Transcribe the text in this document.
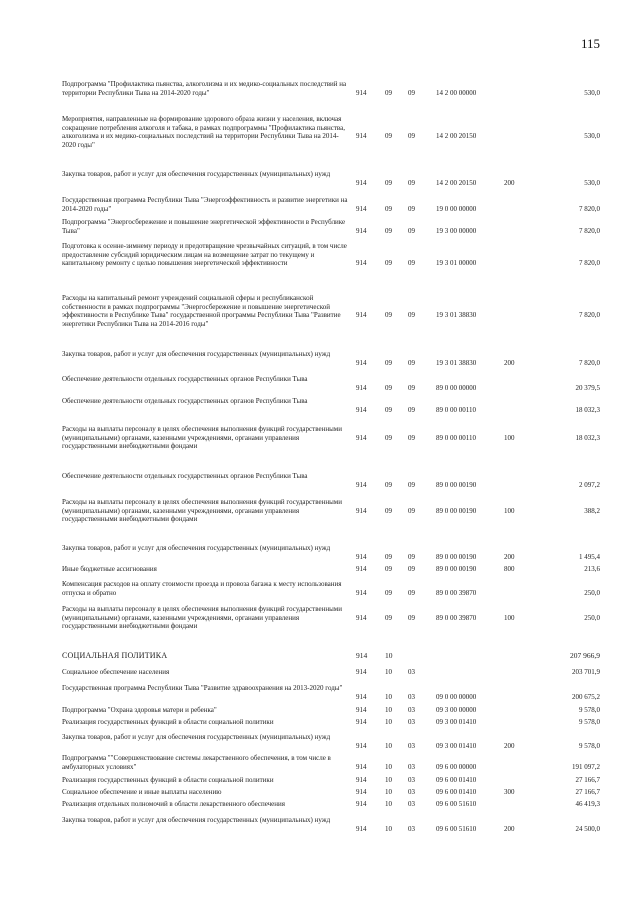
115
Подпрограмма "Профилактика пьянства, алкоголизма и их медико-социальных последствий на территории Республики Тыва на 2014-2020 годы"	914	09 09	14 2 00 00000	530,0
Мероприятия, направленные на формирование здорового образа жизни у населения, включая сокращение потребления алкоголя и табака, в рамках подпрограммы "Профилактика пьянства, алкоголизма и их медико-социальных последствий на территории Республики Тыва на 2014-2020 годы"
914	09 09	14 2 00 20150	530,0
Закупка товаров, работ и услуг для обеспечения государственных (муниципальных) нужд
914	09 09	14 2 00 20150	200	530,0
Государственная программа Республики Тыва "Энергоэффективность и развитие энергетики на 2014-2020 годы"	914	09 09	19 0 00 00000	7 820,0
Подпрограмма "Энергосбережение и повышение энергетической эффективности в Республике Тыва"	914	09 09	19 3 00 00000	7 820,0
Подготовка к осенне-зимнему периоду и предотвращение чрезвычайных ситуаций, в том числе предоставление субсидий юридическим лицам на возмещение затрат по текущему и капитальному ремонту с целью повышения энергетической эффективности	914	09 09	19 3 01 00000	7 820,0
Расходы на капитальный ремонт учреждений социальной сферы и республиканской собственности в рамках подпрограммы "Энергосбережение и повышение энергетической эффективности в Республике Тыва" государственной программы Республики Тыва "Развитие энергетики Республики Тыва на 2014-2016 годы"
914	09 09	19 3 01 38830	7 820,0
Закупка товаров, работ и услуг для обеспечения государственных (муниципальных) нужд
914	09 09	19 3 01 38830	200	7 820,0
Обеспечение деятельности отдельных государственных органов Республики Тыва
914	09 09	89 0 00 00000	20 379,5
Обеспечение деятельности отдельных государственных органов Республики Тыва
914	09 09	89 0 00 00110	18 032,3
Расходы на выплаты персоналу в целях обеспечения выполнения функций государственными (муниципальными) органами, казенными учреждениями, органами управления государственными внебюджетными фондами
914	09 09	89 0 00 00110	100	18 032,3
Обеспечение деятельности отдельных государственных органов Республики Тыва
914	09 09	89 0 00 00190	2 097,2
Расходы на выплаты персоналу в целях обеспечения выполнения функций государственными (муниципальными) органами, казенными учреждениями, органами управления государственными внебюджетными фондами
914	09 09	89 0 00 00190	100	388,2
Закупка товаров, работ и услуг для обеспечения государственных (муниципальных) нужд
914	09 09	89 0 00 00190	200	1 495,4
Иные бюджетные ассигнования	914	09 09	89 0 00 00190	800	213,6
Компенсация расходов на оплату стоимости проезда и провоза багажа к месту использования отпуска и обратно	914	09 09	89 0 00 39870	250,0
Расходы на выплаты персоналу в целях обеспечения выполнения функций государственными (муниципальными) органами, казенными учреждениями, органами управления государственными внебюджетными фондами
914	09 09	89 0 00 39870	100	250,0
СОЦИАЛЬНАЯ ПОЛИТИКА	914 10	207 966,9
Социальное обеспечение населения	914	10 03	203 701,9
Государственная программа Республики Тыва "Развитие здравоохранения на 2013-2020 годы"
914	10 03	09 0 00 00000	200 675,2
Подпрограмма "Охрана здоровья матери и ребенка"	914	10 03	09 3 00 00000	9 578,0
Реализация государственных функций в области социальной политики	914	10 03	09 3 00 01410	9 578,0
Закупка товаров, работ и услуг для обеспечения государственных (муниципальных) нужд
914	10 03	09 3 00 01410	200	9 578,0
Подпрограмма ""Совершенствование системы лекарственного обеспечения, в том числе в амбулаторных условиях"	914	10 03	09 6 00 00000	191 097,2
Реализация государственных функций в области социальной политики	914	10 03	09 6 00 01410	27 166,7
Социальное обеспечение и иные выплаты населению	914	10 03	09 6 00 01410	300	27 166,7
Реализация отдельных полномочий в области лекарственного обеспечения	914	10 03	09 6 00 51610	46 419,3
Закупка товаров, работ и услуг для обеспечения государственных (муниципальных) нужд
914	10 03	09 6 00 51610	200	24 500,0
